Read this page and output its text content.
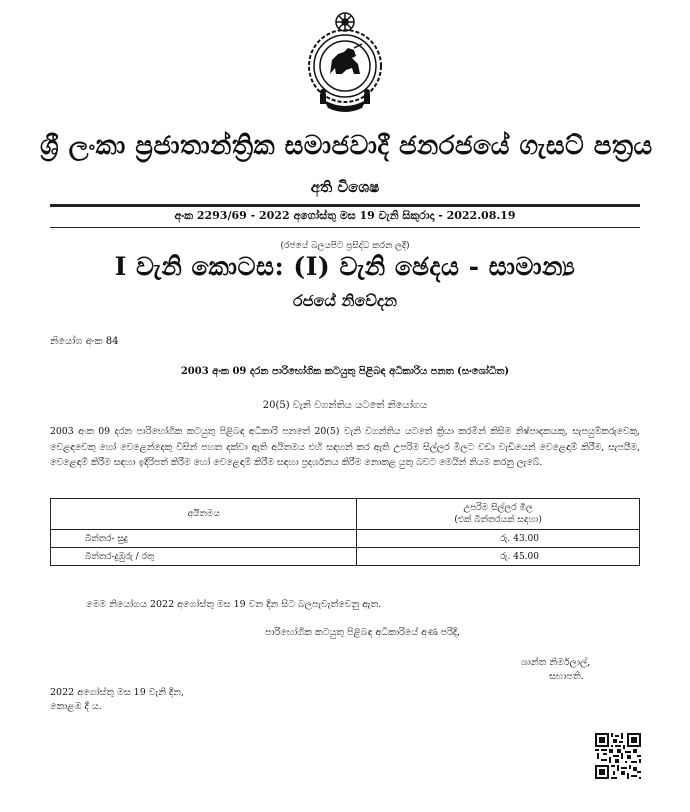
ශ්‍රී ලංකා ප්‍රජාතාන්ත්‍රික සමාජවාදී ජනරජයේ ගැසට් පත්‍රය
අති විශෙෂ
අංක 2293/69 - 2022 අගෝස්තු මස 19 වැනි සිකුරාදා - 2022.08.19
(රජයේ බලයපිට ප්‍රසිද්ධ කරන ලදී)
I වැනි කොටස: (I) වැනි ඡෙදය - සාමාන්‍ය
රජයේ නිවේදන
නියෝග අංක 84
2003 අංක 09 දරන පාරිභෝගික කටයුතු පිළිබඳ අධිකාරිය පනත (සංශෝධිත)
20(5) වැනි වගන්තිය යටතේ නියෝගය

2003 අංක 09 දරන පාරිභෝගික කටයුතු පිළිබඳ අධිකාරි පනතේ 20(5) වැනි වගන්තිය යටතේ ක්‍රියා කරමින් කිසිම නිෂ්පාදකයකු, සැපයුම්කරුවෙකු, වෙළඳවෙකු හෝ වෙළෙන්දෙකු විසින් පහත දක්වා ඇති අයිතමය එහි සඳහන් කර ඇති උපරිම සිල්ලර මිලට වඩා වැඩියෙන් වෙළෙඳාම් කිරීම, සැපයීම, වෙළෙඳාම් කිරීම සඳහා ඉදිරිපත් කිරීම හෝ වෙළෙඳාම් කිරීම සඳහා ප්‍රදර්ශනය කිරීම නොකළ යුතු බවට මෙයින් නියම කරනු ලැබේ.

අයිතමය	උපරිම සිල්ලර මිල
(එක් බිත්තරයක් සඳහා)
බිත්තර- සුදු	රු. 43.00
බිත්තර-දුඹුරු / රතු	රු. 45.00
මෙම නියෝගය 2022 අගෝස්තු මස 19 වන දින සිට බලපැවැත්වෙනු ඇත.
පාරිභෝගික කටයුතු පිළිබඳ අධිකාරියේ අණ පරිදි,
ශාන්ත නිර්මලාල්,
සභාපති.
2022 අගෝස්තු මස 19 වැනි දින,
කොළඹ දී ය.
